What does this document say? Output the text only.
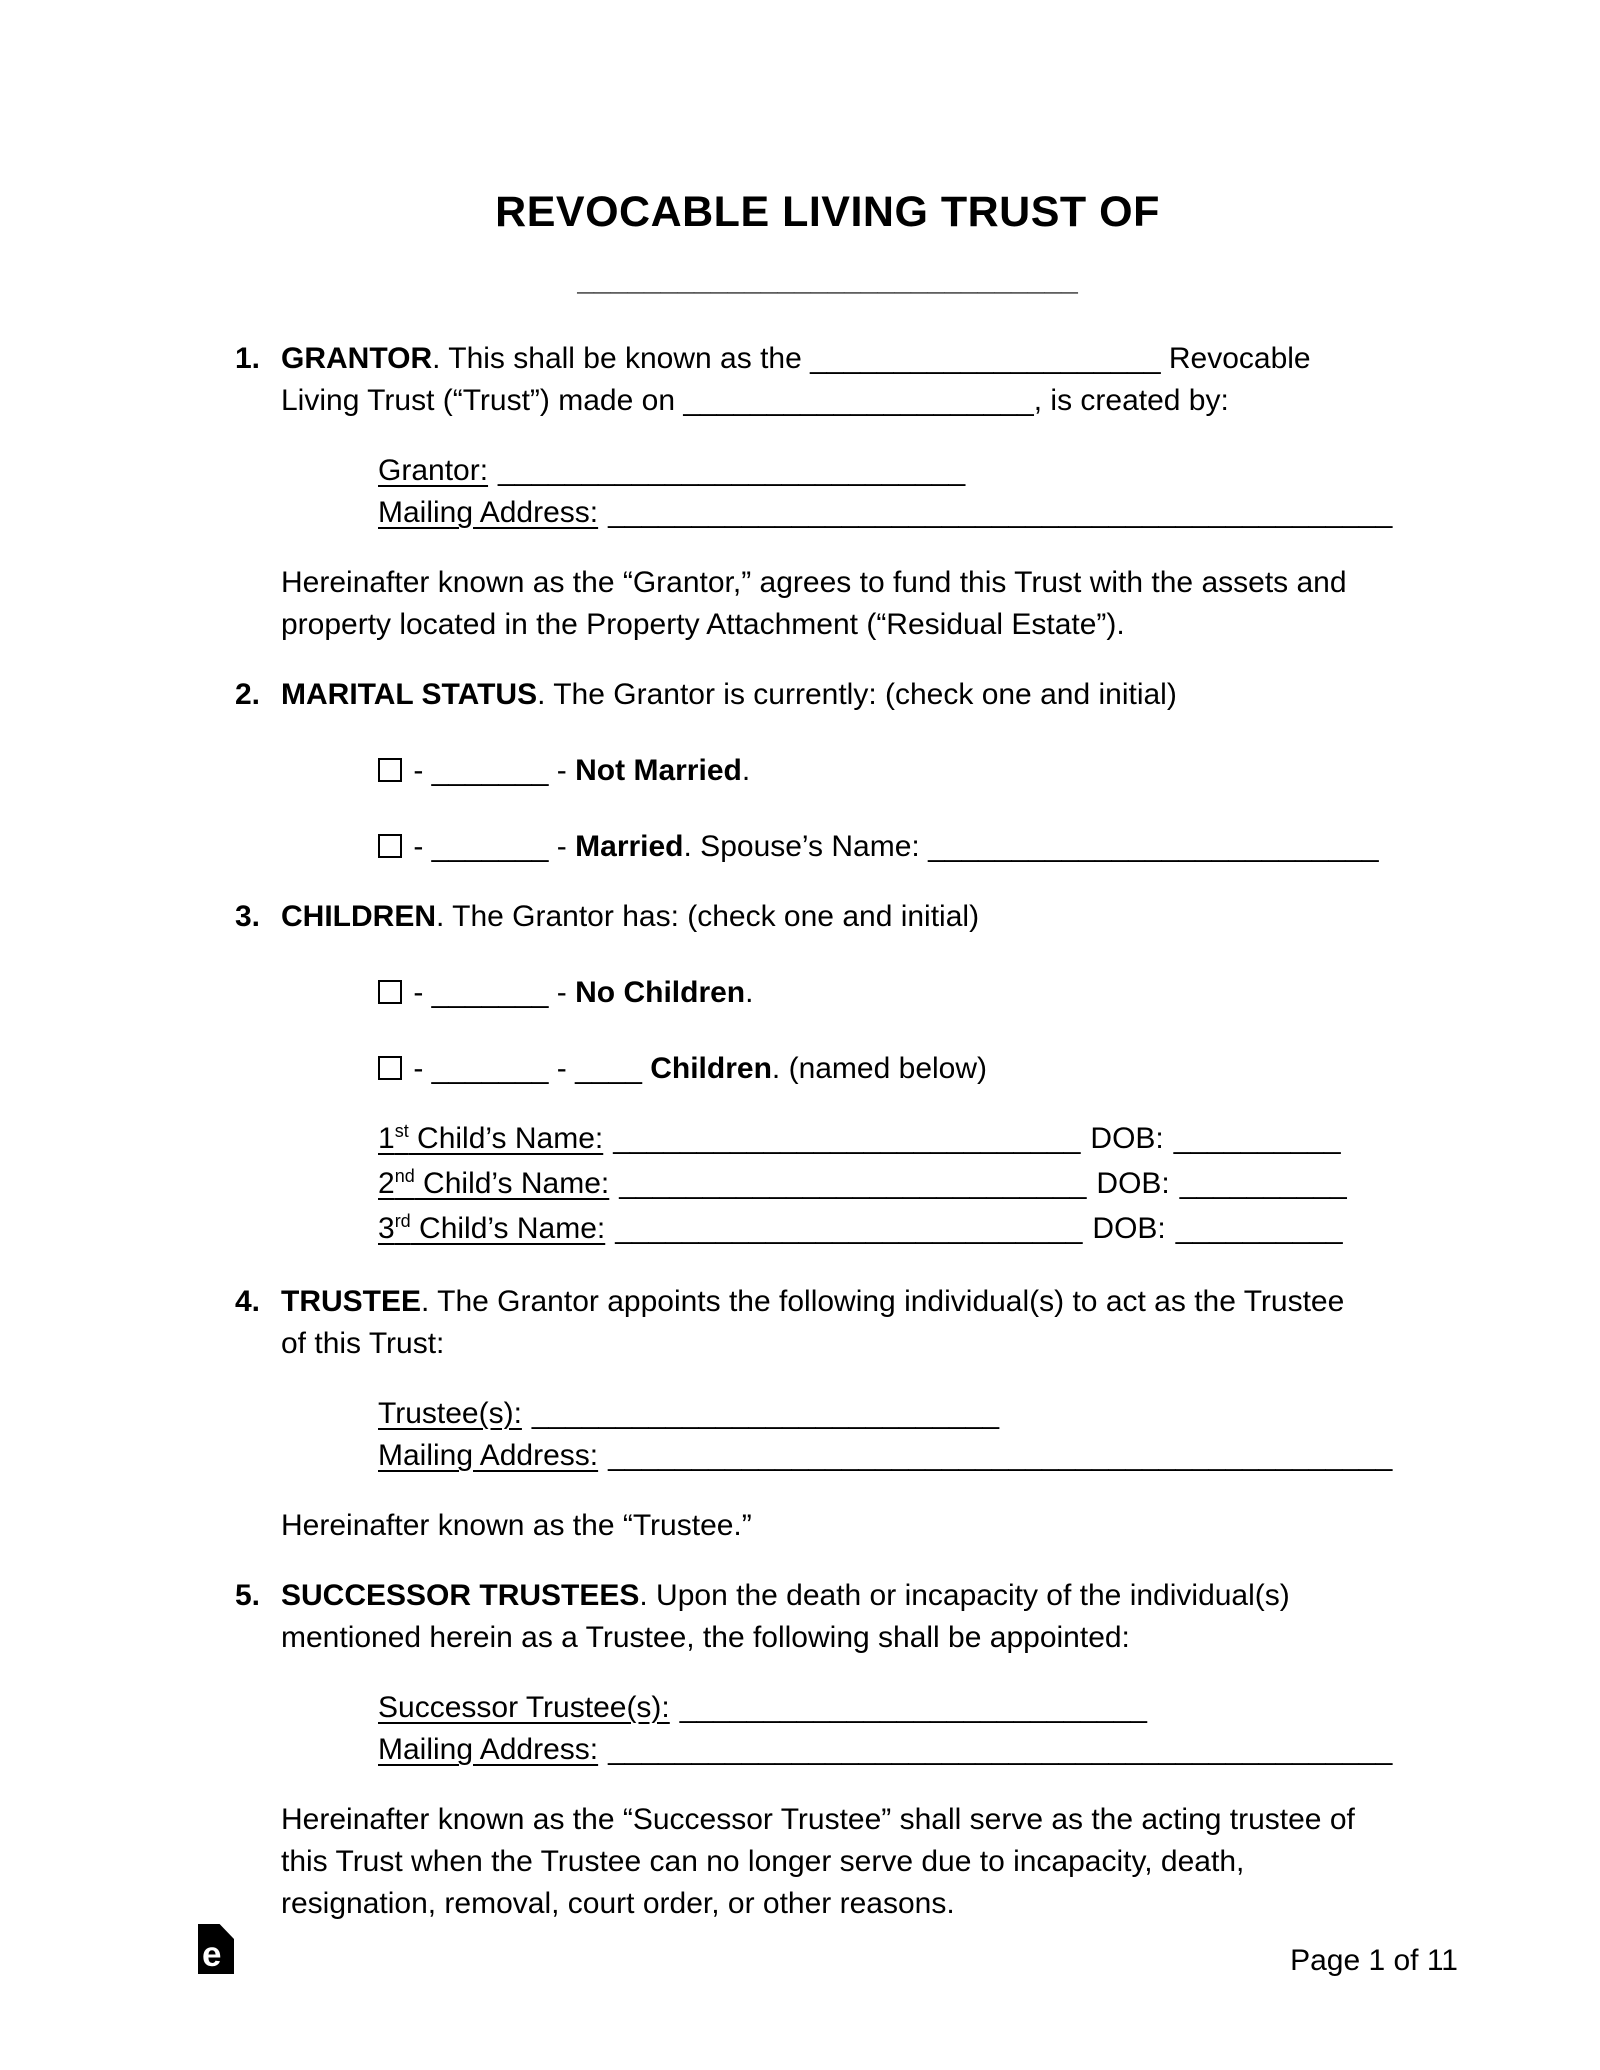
REVOCABLE LIVING TRUST OF
______________________________
1. GRANTOR. This shall be known as the _____________________ Revocable
Living Trust (“Trust”) made on _____________________, is created by:
Grantor: ____________________________
Mailing Address: _______________________________________________
Hereinafter known as the “Grantor,” agrees to fund this Trust with the assets and
property located in the Property Attachment (“Residual Estate”).
2. MARITAL STATUS. The Grantor is currently: (check one and initial)
- _______ - Not Married.
- _______ - Married. Spouse’s Name: ___________________________
3. CHILDREN. The Grantor has: (check one and initial)
- _______ - No Children.
- _______ - ____ Children. (named below)
1st Child’s Name: ____________________________ DOB: __________
2nd Child’s Name: ____________________________ DOB: __________
3rd Child’s Name: ____________________________ DOB: __________
4. TRUSTEE. The Grantor appoints the following individual(s) to act as the Trustee
of this Trust:
Trustee(s): ____________________________
Mailing Address: _______________________________________________
Hereinafter known as the “Trustee.”
5. SUCCESSOR TRUSTEES. Upon the death or incapacity of the individual(s)
mentioned herein as a Trustee, the following shall be appointed:
Successor Trustee(s): ____________________________
Mailing Address: _______________________________________________
Hereinafter known as the “Successor Trustee” shall serve as the acting trustee of
this Trust when the Trustee can no longer serve due to incapacity, death,
resignation, removal, court order, or other reasons.
e	Page 1 of 11
